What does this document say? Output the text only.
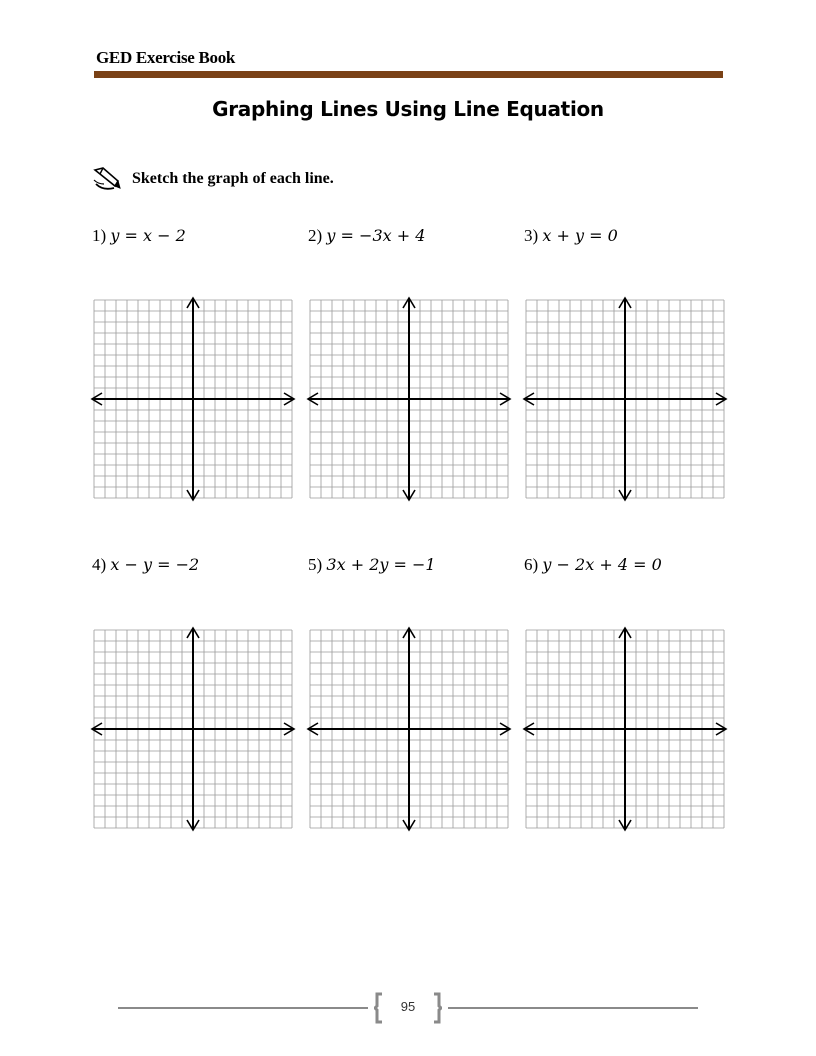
GED Exercise Book
Graphing Lines Using Line Equation
Sketch the graph of each line.
1) y = x − 2	2) y = −3x + 4	3) x + y = 0
4) x − y = −2	5) 3x + 2y = −1	6) y − 2x + 4 = 0
95
